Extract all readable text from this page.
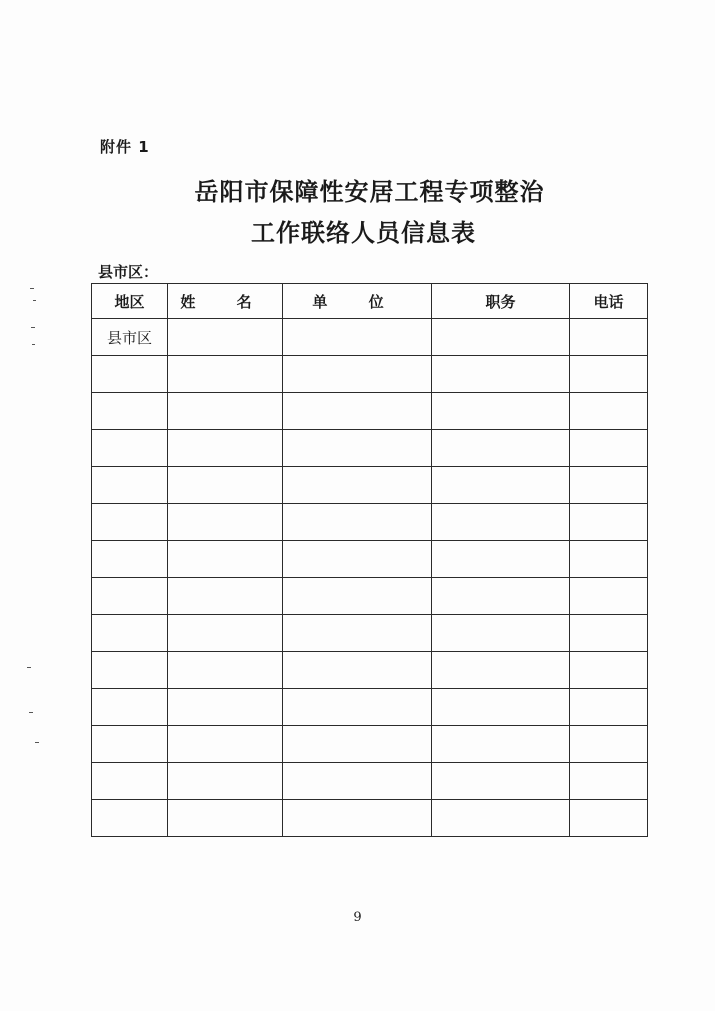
附件 1
岳阳市保障性安居工程专项整治
工作联络人员信息表
县市区：
地区	姓 名	单 位	职务	电话
县市区				

9
